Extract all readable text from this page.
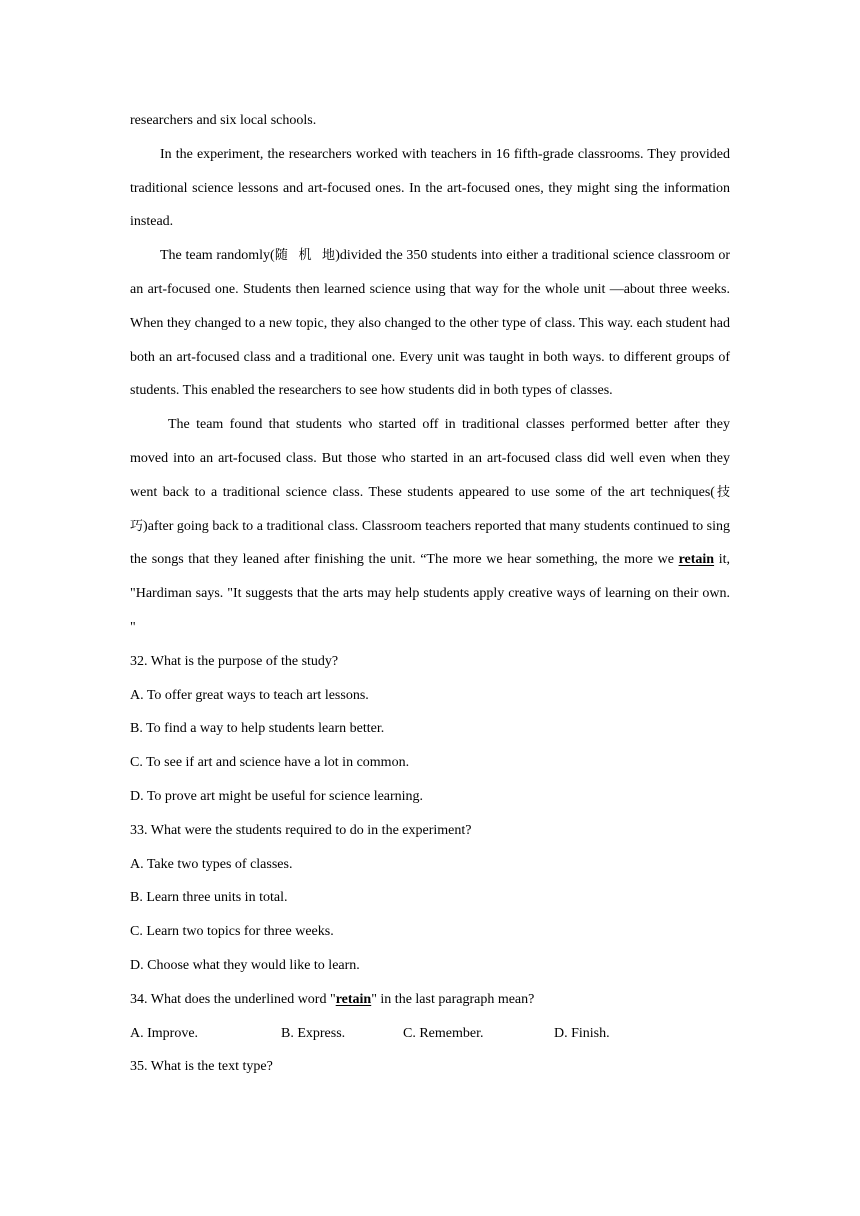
researchers and six local schools.

In the experiment, the researchers worked with teachers in 16 fifth-grade classrooms. They provided traditional science lessons and art-focused ones. In the art-focused ones, they might sing the information instead.

The team randomly(随 机 地)divided the 350 students into either a traditional science classroom or an art-focused one. Students then learned science using that way for the whole unit —about three weeks. When they changed to a new topic, they also changed to the other type of class. This way. each student had both an art-focused class and a traditional one. Every unit was taught in both ways. to different groups of students. This enabled the researchers to see how students did in both types of classes.

The team found that students who started off in traditional classes performed better after they moved into an art-focused class. But those who started in an art-focused class did well even when they went back to a traditional science class. These students appeared to use some of the art techniques(技巧)after going back to a traditional class. Classroom teachers reported that many students continued to sing the songs that they leaned after finishing the unit. “The more we hear something, the more we retain it, "Hardiman says. "It suggests that the arts may help students apply creative ways of learning on their own. "

32. What is the purpose of the study?

A. To offer great ways to teach art lessons.

B. To find a way to help students learn better.

C. To see if art and science have a lot in common.

D. To prove art might be useful for science learning.

33. What were the students required to do in the experiment?

A. Take two types of classes.

B. Learn three units in total.

C. Learn two topics for three weeks.

D. Choose what they would like to learn.

34. What does the underlined word "retain" in the last paragraph mean?

A. Improve.	B. Express.	C. Remember.	D. Finish.

35. What is the text type?
